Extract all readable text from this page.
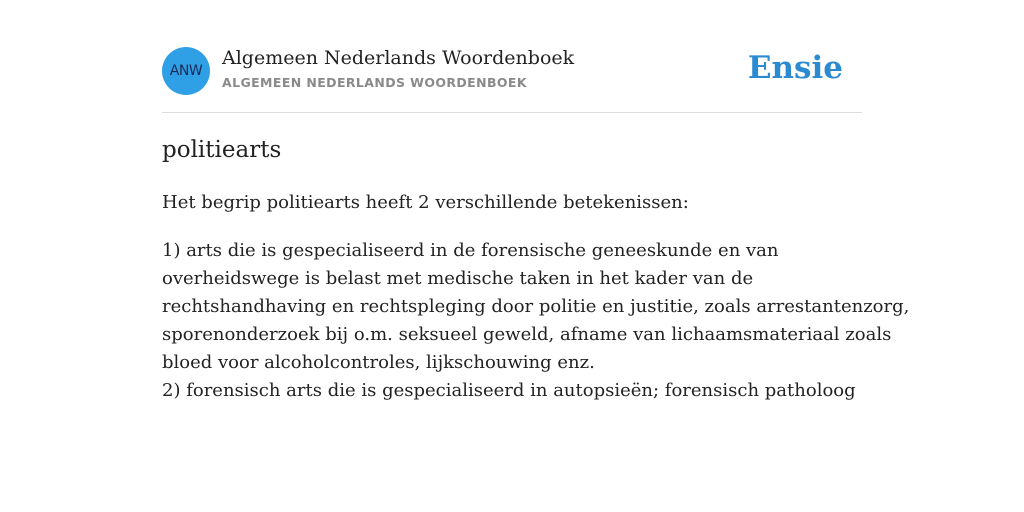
ANW
Algemeen Nederlands Woordenboek
ALGEMEEN NEDERLANDS WOORDENBOEK	Ensie
politiearts
Het begrip politiearts heeft 2 verschillende betekenissen:
1) arts die is gespecialiseerd in de forensische geneeskunde en van
overheidswege is belast met medische taken in het kader van de
rechtshandhaving en rechtspleging door politie en justitie, zoals arrestantenzorg,
sporenonderzoek bij o.m. seksueel geweld, afname van lichaamsmateriaal zoals
bloed voor alcoholcontroles, lijkschouwing enz.
2) forensisch arts die is gespecialiseerd in autopsieën; forensisch patholoog
